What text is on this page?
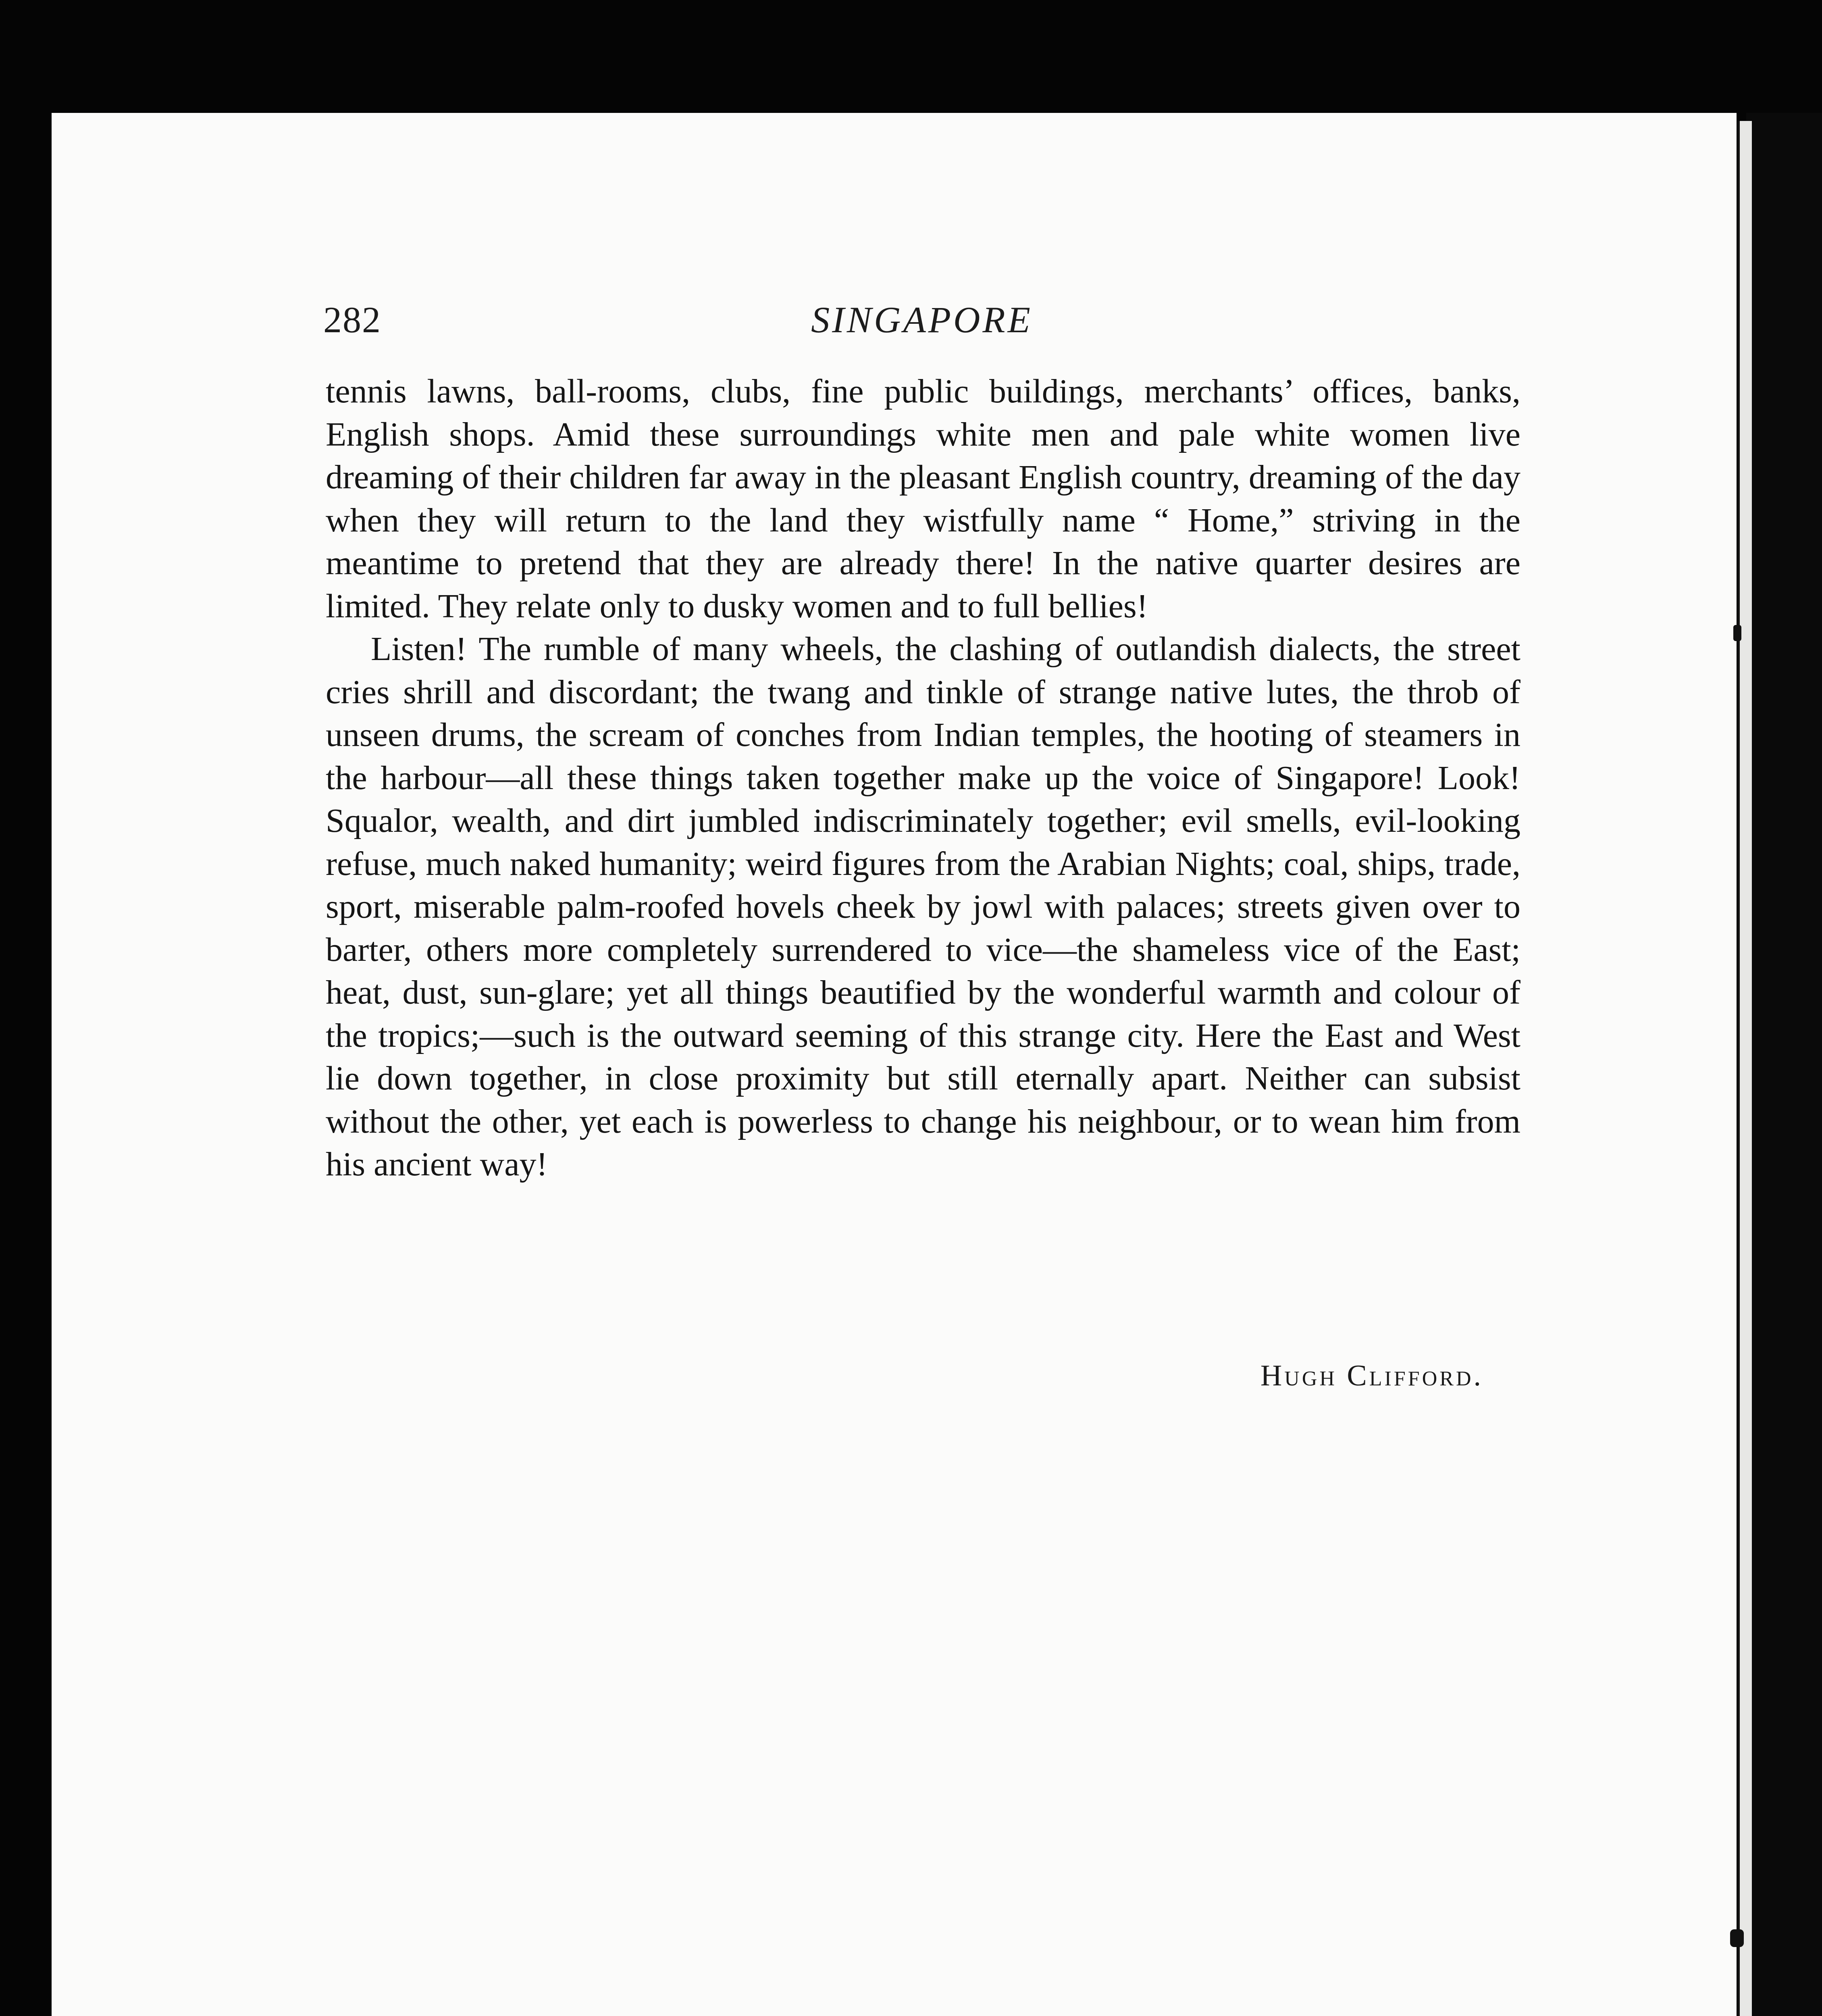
282	SINGAPORE

tennis lawns, ball-rooms, clubs, fine public buildings, merchants’ offices, banks, English shops. Amid these surroundings white men and pale white women live dreaming of their children far away in the pleasant English country, dreaming of the day when they will return to the land they wistfully name “ Home,” striving in the meantime to pretend that they are already there! In the native quarter desires are limited. They relate only to dusky women and to full bellies!

Listen! The rumble of many wheels, the clashing of outlandish dialects, the street cries shrill and discordant; the twang and tinkle of strange native lutes, the throb of unseen drums, the scream of conches from Indian temples, the hooting of steamers in the harbour—all these things taken together make up the voice of Singapore! Look! Squalor, wealth, and dirt jumbled indiscriminately together; evil smells, evil-looking refuse, much naked humanity; weird figures from the Arabian Nights; coal, ships, trade, sport, miserable palm-roofed hovels cheek by jowl with palaces; streets given over to barter, others more completely surrendered to vice—the shameless vice of the East; heat, dust, sun-glare; yet all things beautified by the wonderful warmth and colour of the tropics;—such is the outward seeming of this strange city. Here the East and West lie down together, in close proximity but still eternally apart. Neither can subsist without the other, yet each is powerless to change his neighbour, or to wean him from his ancient way!

Hugh Clifford.
